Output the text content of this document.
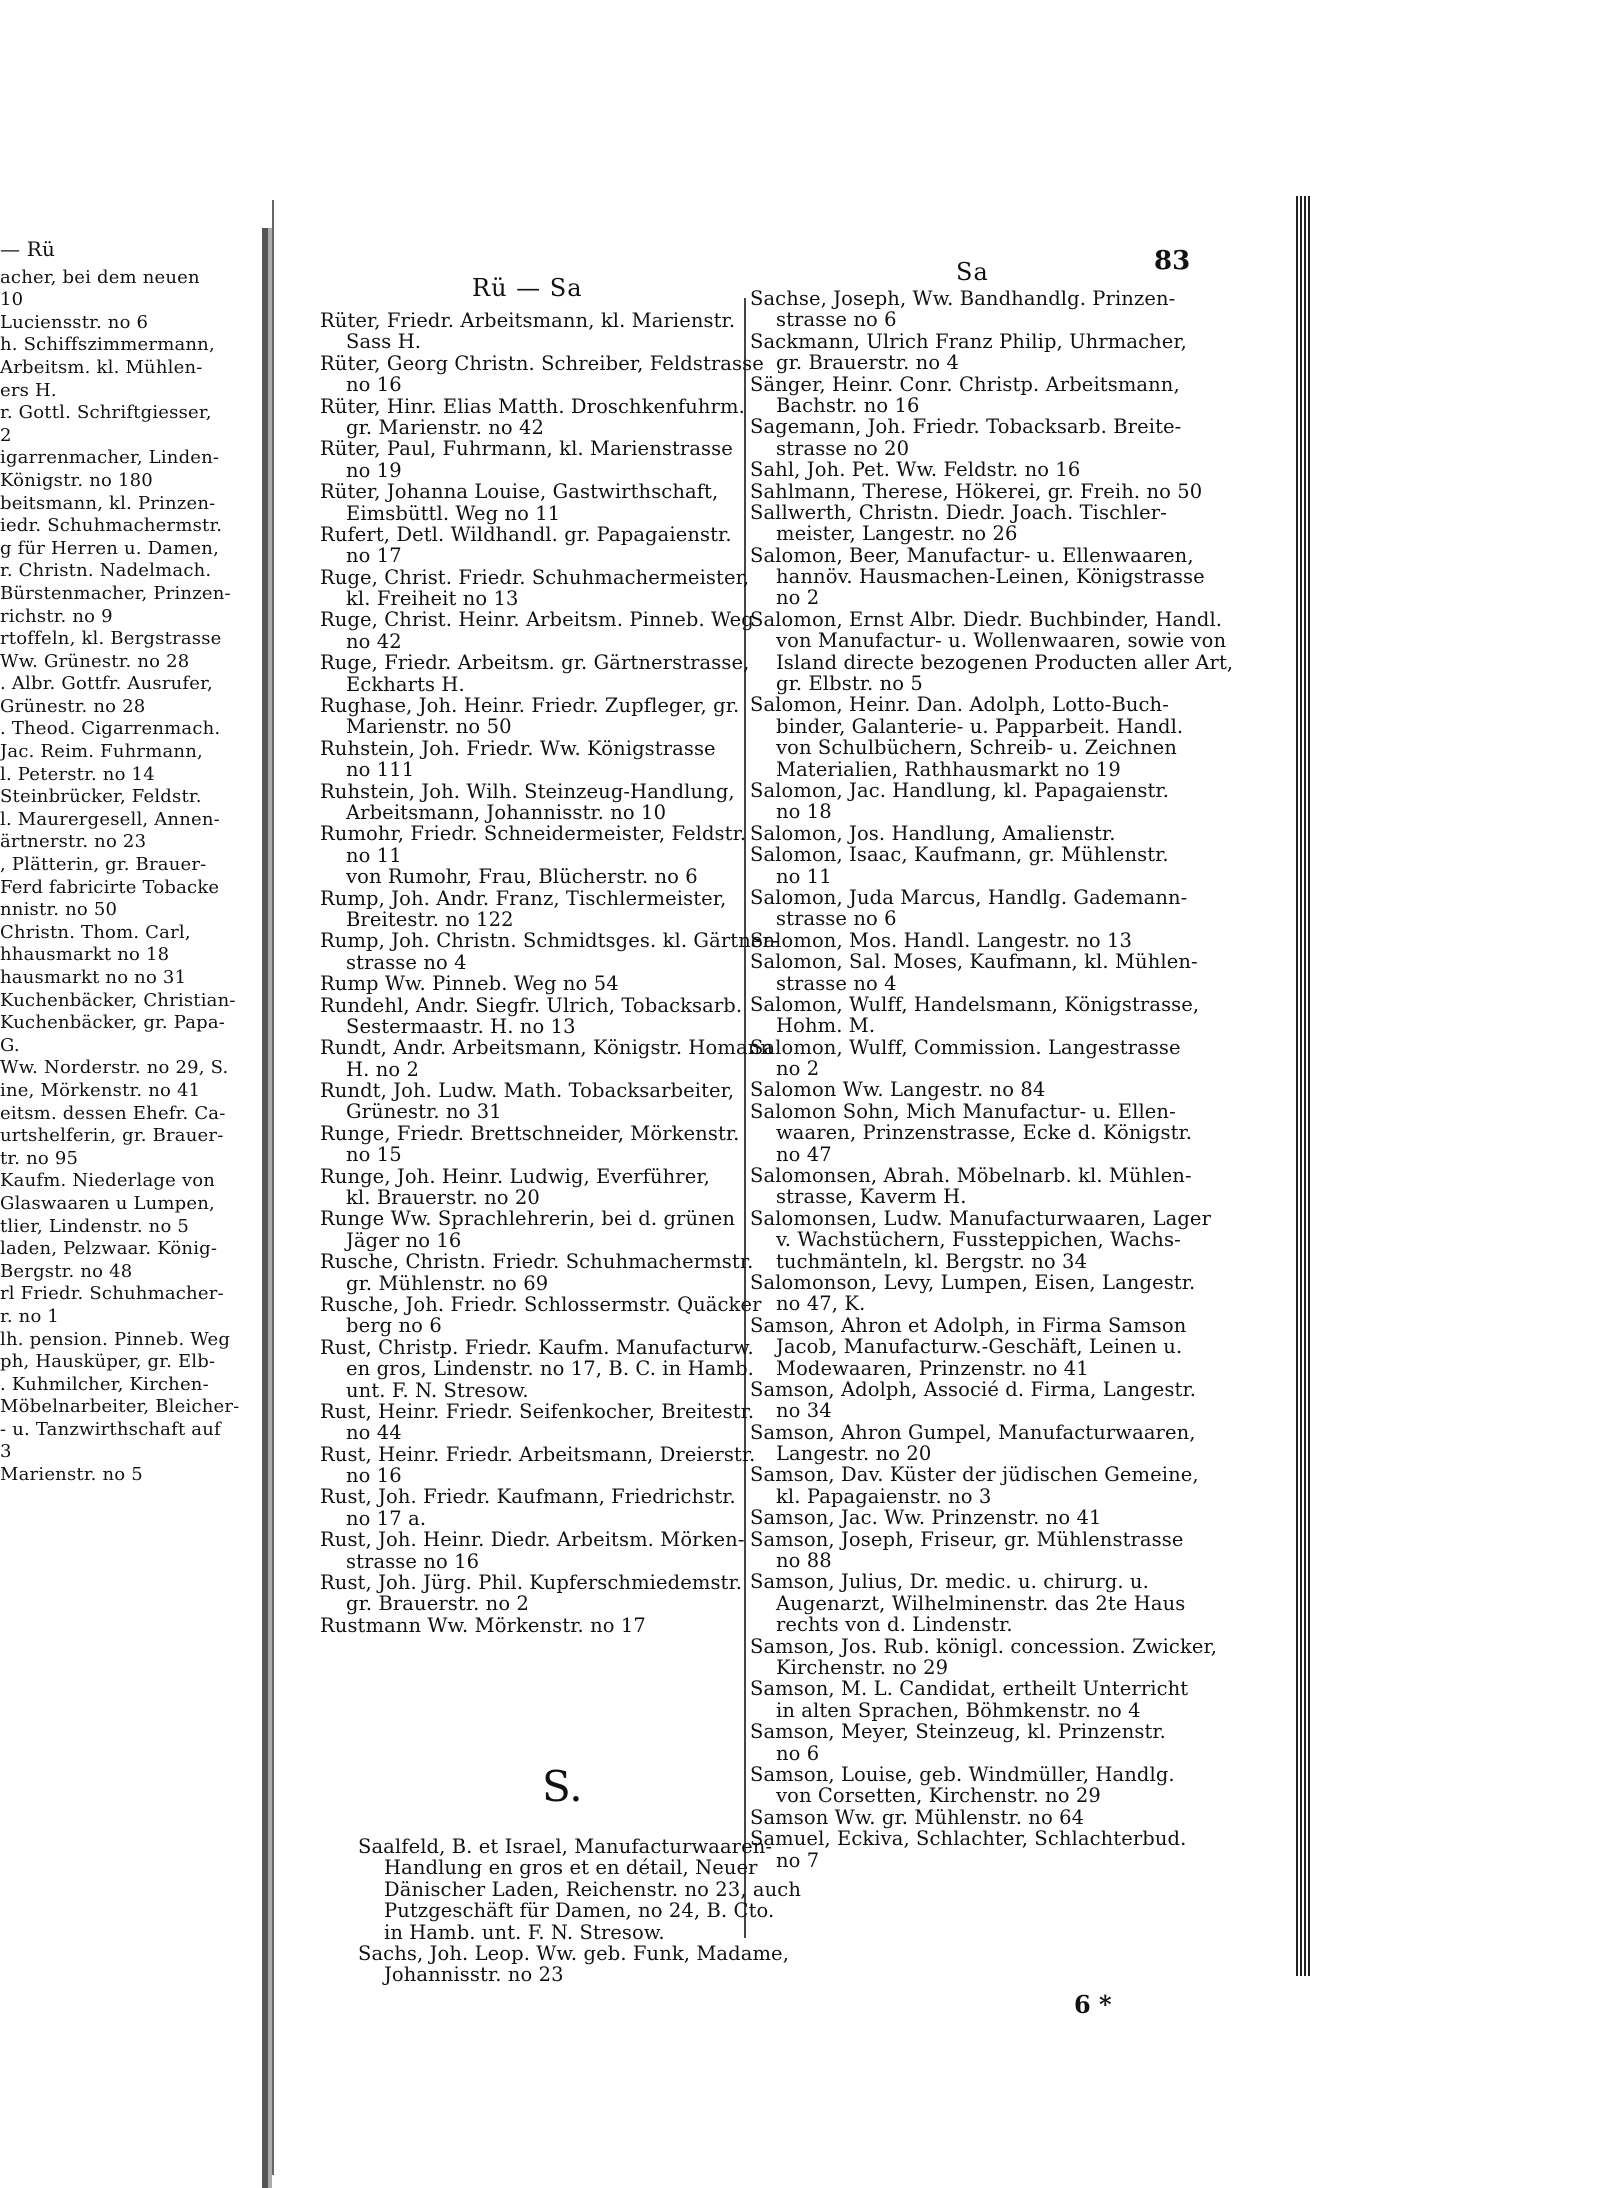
— Rü
acher, bei dem neuen
10
Luciensstr. no 6
h. Schiffszimmermann,
Arbeitsm. kl. Mühlen-
ers H.
r. Gottl. Schriftgiesser,
2
igarrenmacher, Linden-
Königstr. no 180
beitsmann, kl. Prinzen-
iedr. Schuhmachermstr.
g für Herren u. Damen,
r. Christn. Nadelmach.
Bürstenmacher, Prinzen-
richstr. no 9
rtoffeln, kl. Bergstrasse
Ww. Grünestr. no 28
. Albr. Gottfr. Ausrufer,
Grünestr. no 28
. Theod. Cigarrenmach.
Jac. Reim. Fuhrmann,
l. Peterstr. no 14
Steinbrücker, Feldstr.
l. Maurergesell, Annen-
ärtnerstr. no 23
, Plätterin, gr. Brauer-
Ferd fabricirte Tobacke
nnistr. no 50
Christn. Thom. Carl,
hhausmarkt no 18
hausmarkt no no 31
Kuchenbäcker, Christian-
Kuchenbäcker, gr. Papa-
G.
Ww. Norderstr. no 29, S.
ine, Mörkenstr. no 41
eitsm. dessen Ehefr. Ca-
urtshelferin, gr. Brauer-
tr. no 95
Kaufm. Niederlage von
Glaswaaren u Lumpen,
tlier, Lindenstr. no 5
laden, Pelzwaar. König-
Bergstr. no 48
rl Friedr. Schuhmacher-
r. no 1
lh. pension. Pinneb. Weg
ph, Hausküper, gr. Elb-
. Kuhmilcher, Kirchen-
Möbelnarbeiter, Bleicher-
- u. Tanzwirthschaft auf
3
Marienstr. no 5
Rü — Sa
Sa	83
Rüter, Friedr. Arbeitsmann, kl. Marienstr.
Sass H.
Rüter, Georg Christn. Schreiber, Feldstrasse
no 16
Rüter, Hinr. Elias Matth. Droschkenfuhrm.
gr. Marienstr. no 42
Rüter, Paul, Fuhrmann, kl. Marienstrasse
no 19
Rüter, Johanna Louise, Gastwirthschaft,
Eimsbüttl. Weg no 11
Rufert, Detl. Wildhandl. gr. Papagaienstr.
no 17
Ruge, Christ. Friedr. Schuhmachermeister,
kl. Freiheit no 13
Ruge, Christ. Heinr. Arbeitsm. Pinneb. Weg
no 42
Ruge, Friedr. Arbeitsm. gr. Gärtnerstrasse,
Eckharts H.
Rughase, Joh. Heinr. Friedr. Zupfleger, gr.
Marienstr. no 50
Ruhstein, Joh. Friedr. Ww. Königstrasse
no 111
Ruhstein, Joh. Wilh. Steinzeug-Handlung,
Arbeitsmann, Johannisstr. no 10
Rumohr, Friedr. Schneidermeister, Feldstr.
no 11
von Rumohr, Frau, Blücherstr. no 6
Rump, Joh. Andr. Franz, Tischlermeister,
Breitestr. no 122
Rump, Joh. Christn. Schmidtsges. kl. Gärtner-
strasse no 4
Rump Ww. Pinneb. Weg no 54
Rundehl, Andr. Siegfr. Ulrich, Tobacksarb.
Sestermaastr. H. no 13
Rundt, Andr. Arbeitsmann, Königstr. Homann
H. no 2
Rundt, Joh. Ludw. Math. Tobacksarbeiter,
Grünestr. no 31
Runge, Friedr. Brettschneider, Mörkenstr.
no 15
Runge, Joh. Heinr. Ludwig, Everführer,
kl. Brauerstr. no 20
Runge Ww. Sprachlehrerin, bei d. grünen
Jäger no 16
Rusche, Christn. Friedr. Schuhmachermstr.
gr. Mühlenstr. no 69
Rusche, Joh. Friedr. Schlossermstr. Quäcker
berg no 6
Rust, Christp. Friedr. Kaufm. Manufacturw.
en gros, Lindenstr. no 17, B. C. in Hamb.
unt. F. N. Stresow.
Rust, Heinr. Friedr. Seifenkocher, Breitestr.
no 44
Rust, Heinr. Friedr. Arbeitsmann, Dreierstr.
no 16
Rust, Joh. Friedr. Kaufmann, Friedrichstr.
no 17 a.
Rust, Joh. Heinr. Diedr. Arbeitsm. Mörken-
strasse no 16
Rust, Joh. Jürg. Phil. Kupferschmiedemstr.
gr. Brauerstr. no 2
Rustmann Ww. Mörkenstr. no 17
S.
Saalfeld, B. et Israel, Manufacturwaaren-
Handlung en gros et en détail, Neuer
Dänischer Laden, Reichenstr. no 23, auch
Putzgeschäft für Damen, no 24, B. Cto.
in Hamb. unt. F. N. Stresow.
Sachs, Joh. Leop. Ww. geb. Funk, Madame,
Johannisstr. no 23
Sachse, Joseph, Ww. Bandhandlg. Prinzen-
strasse no 6
Sackmann, Ulrich Franz Philip, Uhrmacher,
gr. Brauerstr. no 4
Sänger, Heinr. Conr. Christp. Arbeitsmann,
Bachstr. no 16
Sagemann, Joh. Friedr. Tobacksarb. Breite-
strasse no 20
Sahl, Joh. Pet. Ww. Feldstr. no 16
Sahlmann, Therese, Hökerei, gr. Freih. no 50
Sallwerth, Christn. Diedr. Joach. Tischler-
meister, Langestr. no 26
Salomon, Beer, Manufactur- u. Ellenwaaren,
hannöv. Hausmachen-Leinen, Königstrasse
no 2
Salomon, Ernst Albr. Diedr. Buchbinder, Handl.
von Manufactur- u. Wollenwaaren, sowie von
Island directe bezogenen Producten aller Art,
gr. Elbstr. no 5
Salomon, Heinr. Dan. Adolph, Lotto-Buch-
binder, Galanterie- u. Papparbeit. Handl.
von Schulbüchern, Schreib- u. Zeichnen
Materialien, Rathhausmarkt no 19
Salomon, Jac. Handlung, kl. Papagaienstr.
no 18
Salomon, Jos. Handlung, Amalienstr.
Salomon, Isaac, Kaufmann, gr. Mühlenstr.
no 11
Salomon, Juda Marcus, Handlg. Gademann-
strasse no 6
Salomon, Mos. Handl. Langestr. no 13
Salomon, Sal. Moses, Kaufmann, kl. Mühlen-
strasse no 4
Salomon, Wulff, Handelsmann, Königstrasse,
Hohm. M.
Salomon, Wulff, Commission. Langestrasse
no 2
Salomon Ww. Langestr. no 84
Salomon Sohn, Mich Manufactur- u. Ellen-
waaren, Prinzenstrasse, Ecke d. Königstr.
no 47
Salomonsen, Abrah. Möbelnarb. kl. Mühlen-
strasse, Kaverm H.
Salomonsen, Ludw. Manufacturwaaren, Lager
v. Wachstüchern, Fussteppichen, Wachs-
tuchmänteln, kl. Bergstr. no 34
Salomonson, Levy, Lumpen, Eisen, Langestr.
no 47, K.
Samson, Ahron et Adolph, in Firma Samson
Jacob, Manufacturw.-Geschäft, Leinen u.
Modewaaren, Prinzenstr. no 41
Samson, Adolph, Associé d. Firma, Langestr.
no 34
Samson, Ahron Gumpel, Manufacturwaaren,
Langestr. no 20
Samson, Dav. Küster der jüdischen Gemeine,
kl. Papagaienstr. no 3
Samson, Jac. Ww. Prinzenstr. no 41
Samson, Joseph, Friseur, gr. Mühlenstrasse
no 88
Samson, Julius, Dr. medic. u. chirurg. u.
Augenarzt, Wilhelminenstr. das 2te Haus
rechts von d. Lindenstr.
Samson, Jos. Rub. königl. concession. Zwicker,
Kirchenstr. no 29
Samson, M. L. Candidat, ertheilt Unterricht
in alten Sprachen, Böhmkenstr. no 4
Samson, Meyer, Steinzeug, kl. Prinzenstr.
no 6
Samson, Louise, geb. Windmüller, Handlg.
von Corsetten, Kirchenstr. no 29
Samson Ww. gr. Mühlenstr. no 64
Samuel, Eckiva, Schlachter, Schlachterbud.
no 7
6 *
